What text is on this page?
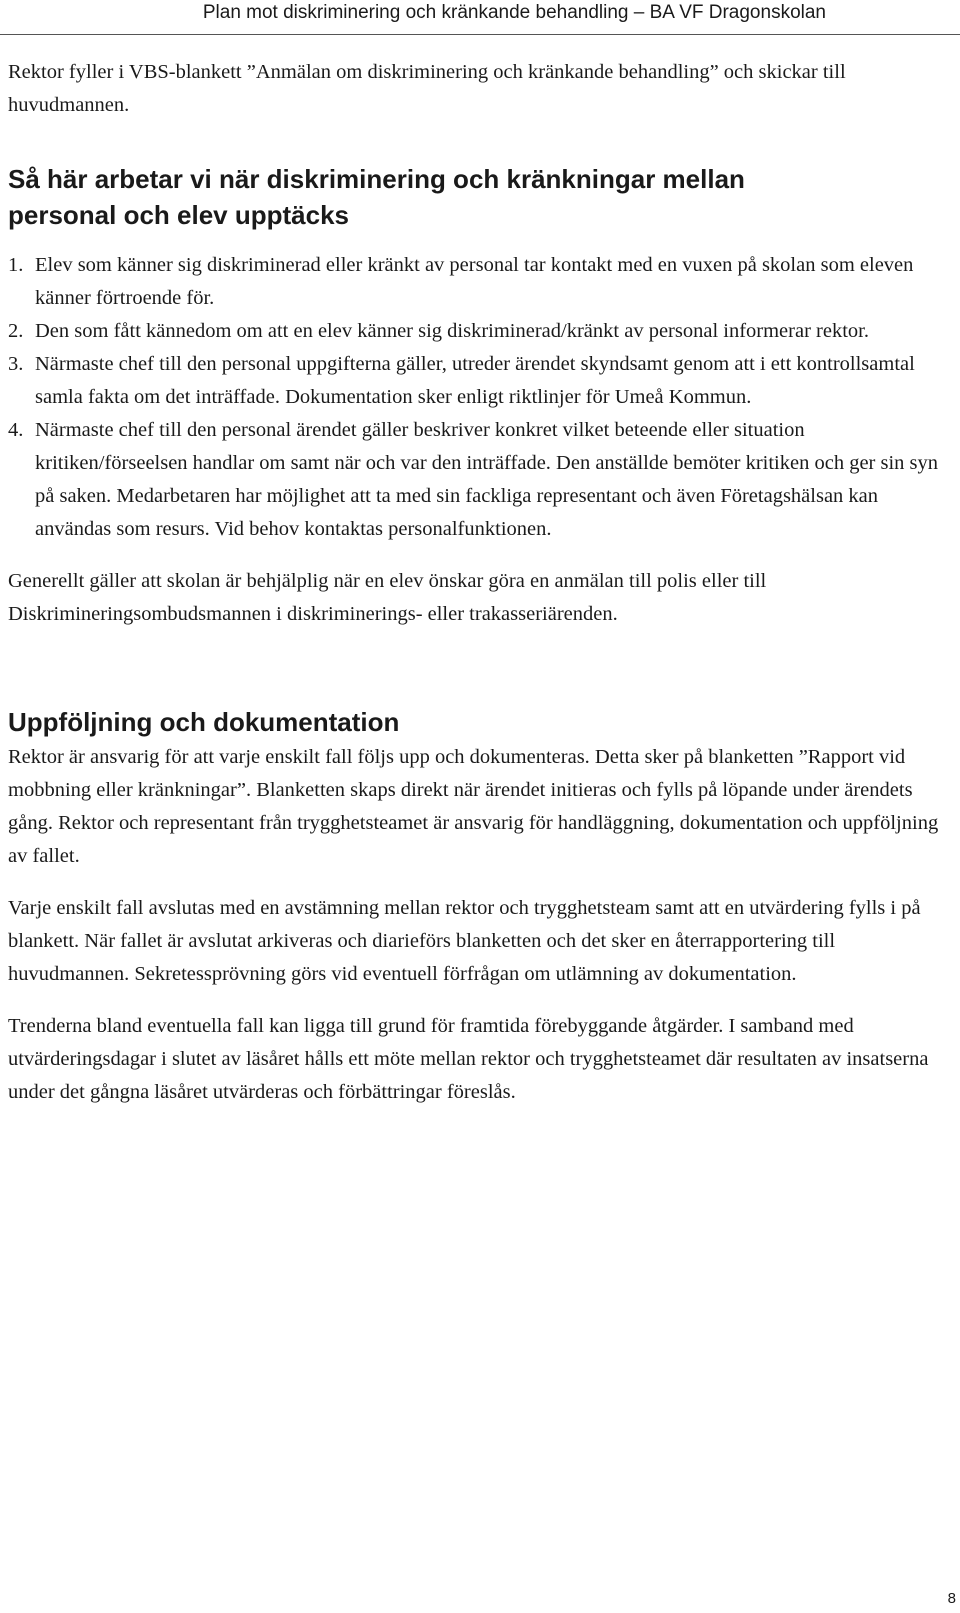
Plan mot diskriminering och kränkande behandling – BA VF Dragonskolan

Rektor fyller i VBS-blankett ”Anmälan om diskriminering och kränkande behandling” och skickar till huvudmannen.

Så här arbetar vi när diskriminering och kränkningar mellan personal och elev upptäcks
1. Elev som känner sig diskriminerad eller kränkt av personal tar kontakt med en vuxen på skolan som eleven känner förtroende för.
2. Den som fått kännedom om att en elev känner sig diskriminerad/kränkt av personal informerar rektor.
3. Närmaste chef till den personal uppgifterna gäller, utreder ärendet skyndsamt genom att i ett kontrollsamtal samla fakta om det inträffade. Dokumentation sker enligt riktlinjer för Umeå Kommun.
4. Närmaste chef till den personal ärendet gäller beskriver konkret vilket beteende eller situation kritiken/förseelsen handlar om samt när och var den inträffade. Den anställde bemöter kritiken och ger sin syn på saken. Medarbetaren har möjlighet att ta med sin fackliga representant och även Företagshälsan kan användas som resurs. Vid behov kontaktas personalfunktionen.

Generellt gäller att skolan är behjälplig när en elev önskar göra en anmälan till polis eller till Diskrimineringsombudsmannen i diskriminerings- eller trakasseriärenden.

Uppföljning och dokumentation

Rektor är ansvarig för att varje enskilt fall följs upp och dokumenteras. Detta sker på blanketten ”Rapport vid mobbning eller kränkningar”. Blanketten skaps direkt när ärendet initieras och fylls på löpande under ärendets gång. Rektor och representant från trygghetsteamet är ansvarig för handläggning, dokumentation och uppföljning av fallet.

Varje enskilt fall avslutas med en avstämning mellan rektor och trygghetsteam samt att en utvärdering fylls i på blankett. När fallet är avslutat arkiveras och diarieförs blanketten och det sker en återrapportering till huvudmannen. Sekretessprövning görs vid eventuell förfrågan om utlämning av dokumentation.

Trenderna bland eventuella fall kan ligga till grund för framtida förebyggande åtgärder. I samband med utvärderingsdagar i slutet av läsåret hålls ett möte mellan rektor och trygghetsteamet där resultaten av insatserna under det gångna läsåret utvärderas och förbättringar föreslås.

8
